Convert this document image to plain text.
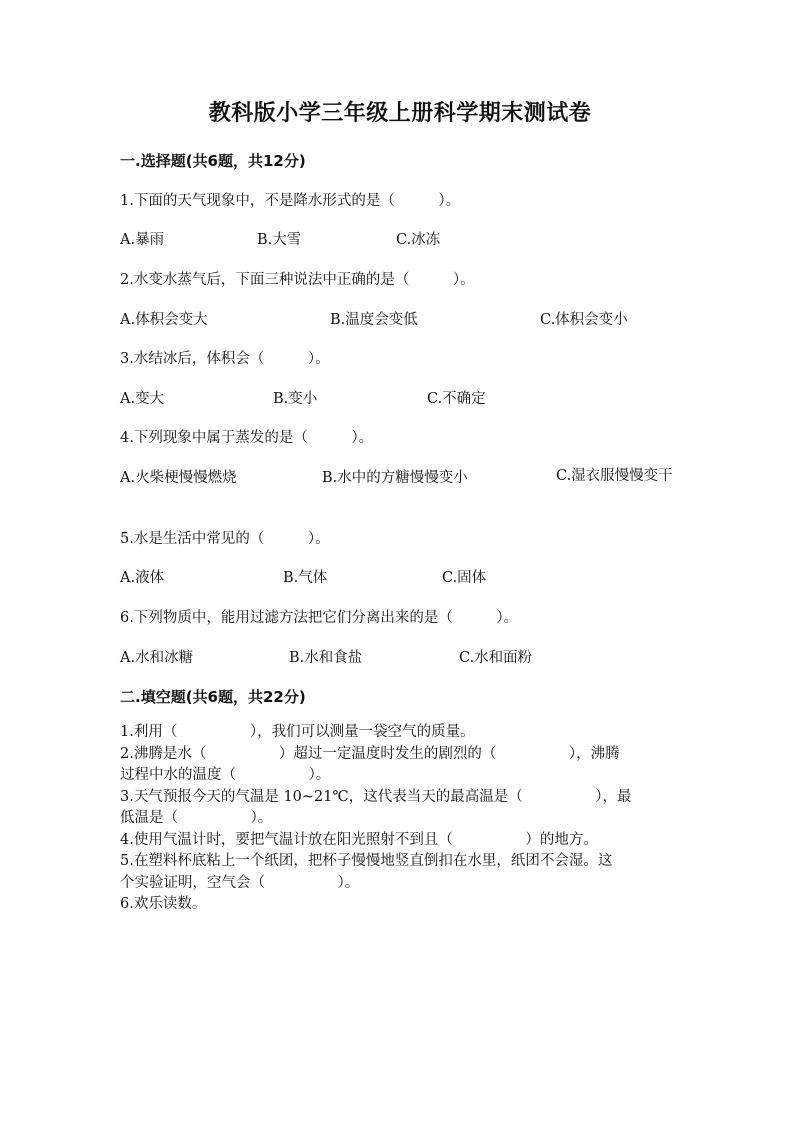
教科版小学三年级上册科学期末测试卷
一.选择题(共6题，共12分)
1.下面的天气现象中，不是降水形式的是（　　　）。
A.暴雨	B.大雪	C.冰冻
2.水变水蒸气后，下面三种说法中正确的是（　　　）。
A.体积会变大	B.温度会变低	C.体积会变小
3.水结冰后，体积会（　　　）。
A.变大	B.变小	C.不确定
4.下列现象中属于蒸发的是（　　　）。
A.火柴梗慢慢燃烧	B.水中的方糖慢慢变小	C.湿衣服慢慢变干
5.水是生活中常见的（　　　）。
A.液体	B.气体	C.固体
6.下列物质中，能用过滤方法把它们分离出来的是（　　　）。
A.水和冰糖	B.水和食盐	C.水和面粉
二.填空题(共6题，共22分)
1.利用（　　　　　），我们可以测量一袋空气的质量。
2.沸腾是水（　　　　　）超过一定温度时发生的剧烈的（　　　　　），沸腾
过程中水的温度（　　　　　）。
3.天气预报今天的气温是 10~21℃，这代表当天的最高温是（　　　　　），最
低温是（　　　　　）。
4.使用气温计时，要把气温计放在阳光照射不到且（　　　　　）的地方。
5.在塑料杯底粘上一个纸团，把杯子慢慢地竖直倒扣在水里，纸团不会湿。这
个实验证明，空气会（　　　　　）。
6.欢乐读数。
